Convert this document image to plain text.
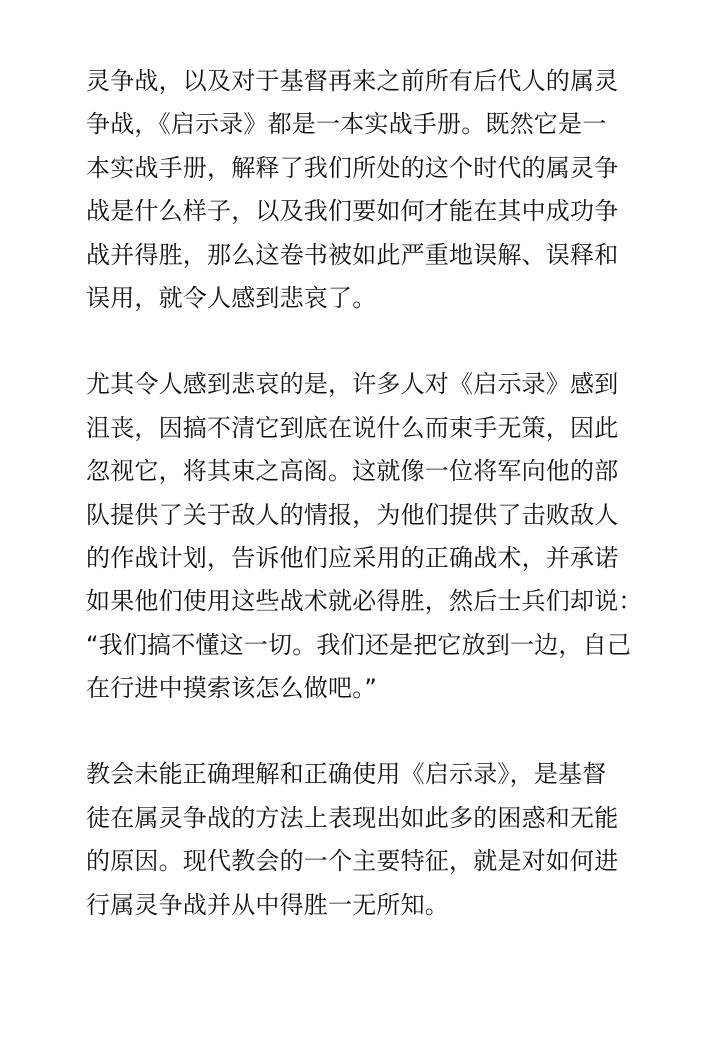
灵争战，以及对于基督再来之前所有后代人的属灵
争战，《启示录》都是一本实战手册。既然它是一
本实战手册，解释了我们所处的这个时代的属灵争
战是什么样子，以及我们要如何才能在其中成功争
战并得胜，那么这卷书被如此严重地误解、误释和
误用，就令人感到悲哀了。
尤其令人感到悲哀的是，许多人对《启示录》感到
沮丧，因搞不清它到底在说什么而束手无策，因此
忽视它，将其束之高阁。这就像一位将军向他的部
队提供了关于敌人的情报，为他们提供了击败敌人
的作战计划，告诉他们应采用的正确战术，并承诺
如果他们使用这些战术就必得胜，然后士兵们却说：
“我们搞不懂这一切。我们还是把它放到一边，自己
在行进中摸索该怎么做吧。”
教会未能正确理解和正确使用《启示录》，是基督
徒在属灵争战的方法上表现出如此多的困惑和无能
的原因。现代教会的一个主要特征，就是对如何进
行属灵争战并从中得胜一无所知。
